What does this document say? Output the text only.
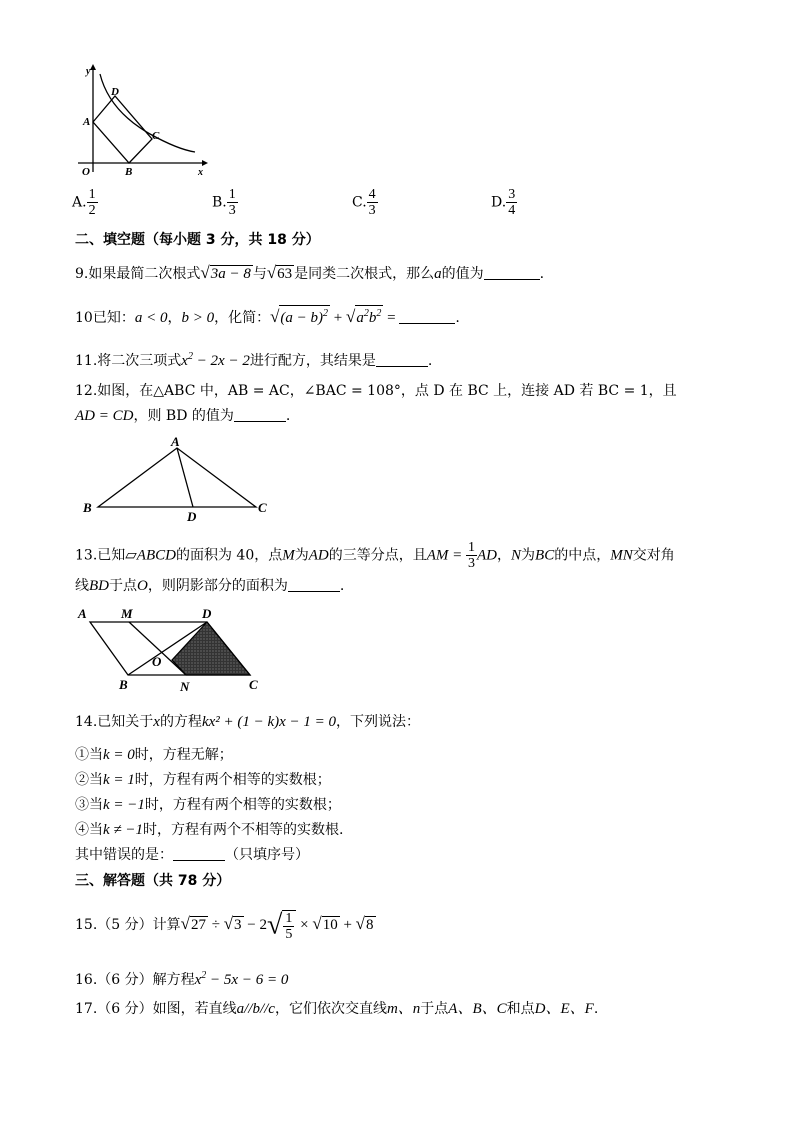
y
x
O
A
B
C
D
A. $\frac{1}{2}$	B. $\frac{1}{3}$	C. $\frac{4}{3}$	D. $\frac{3}{4}$
二、填空题（每小题 3 分，共 18 分）
9.如果最简二次根式√3a − 8 与√63 是同类二次根式，那么a的值为	.
10已知：a < 0，b > 0，化简：$√(a - b)^2 + √a^2b^2$ =	.
11.将二次三项式$x^2 - 2x - 2$进行配方，其结果是	.
12.如图，在△ABC 中，AB = AC，∠BAC = 108°，点 D 在 BC 上，连接 AD 若 BC = 1，且
AD = CD，则 BD 的值为	.
A
B	C
D
13.已知▱ABCD的面积为 40，点M为AD的三等分点，且AM = $\frac{1}{3}$ AD，N为BC的中点，MN交对角
线BD于点O，则阴影部分的面积为	.
A	M	D
O
B	N	C
14.已知关于x的方程kx² + (1 − k)x − 1 = 0，下列说法：
①当k = 0时，方程无解；
②当k = 1时，方程有两个相等的实数根；
③当k = −1时，方程有两个相等的实数根；
④当k ≠ −1时，方程有两个不相等的实数根.
其中错误的是：	（只填序号）
三、解答题（共 78 分）
15.（5 分）计算$√27 \div √3 - 2√ \frac{1}{5} \times √10 + √8$
16.（6 分）解方程$x^2 - 5x - 6 = 0$
17.（6 分）如图，若直线a//b//c，它们依次交直线m、n于点A、B、C和点D、E、F.
